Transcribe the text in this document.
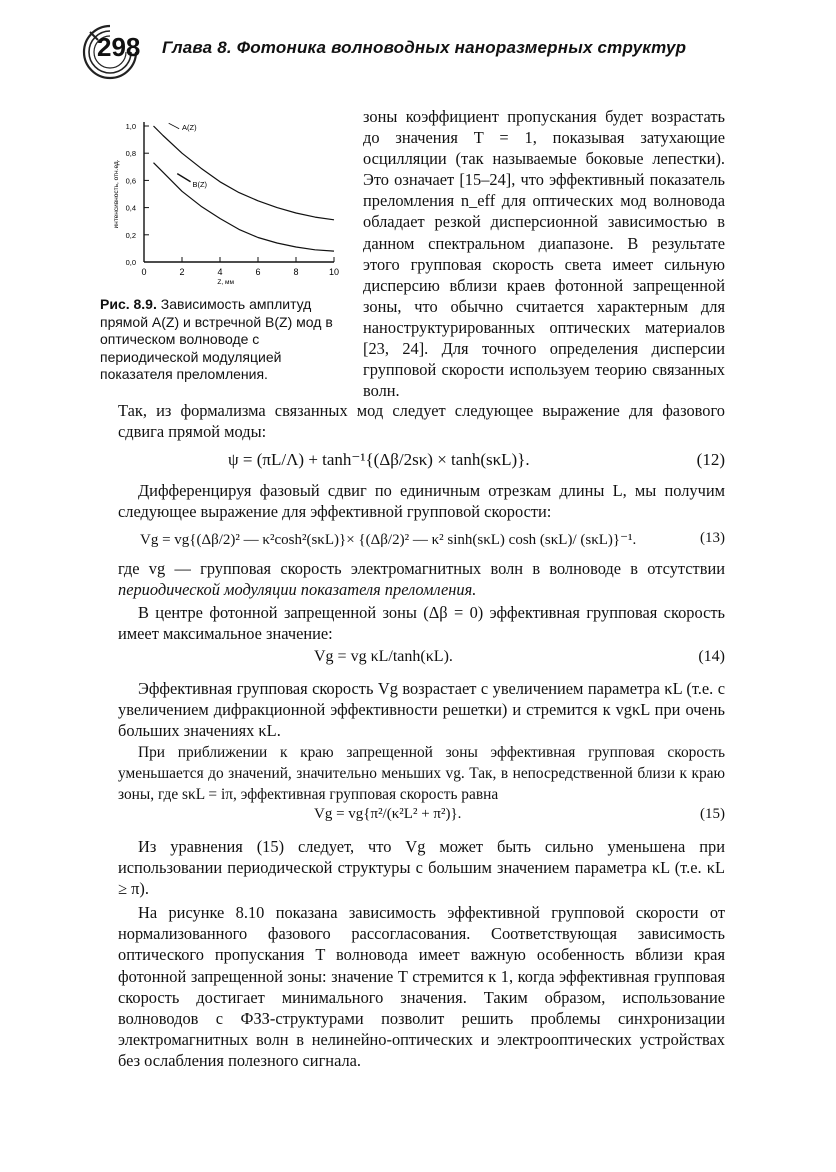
298 Глава 8. Фотоника волноводных наноразмерных структур
1,0
0,8
0,6
0,4
0,2
0,0
0	2	4	6	8	10
Z, мм
интенсивность, отн.ед.
A(Z)
B(Z)
Рис. 8.9. Зависимость амплитуд прямой A(Z) и встречной B(Z) мод в оптическом волноводе с периодической модуляцией показателя преломления.
зоны коэффициент пропускания будет возрастать до значения T = 1, показывая затухающие осцилляции (так называемые боковые лепестки). Это означает [15–24], что эффективный показатель преломления n_eff для оптических мод волновода обладает резкой дисперсионной зависимостью в данном спектральном диапазоне. В результате этого групповая скорость света имеет сильную дисперсию вблизи краев фотонной запрещенной зоны, что обычно считается характерным для наноструктурированных оптических материалов [23, 24]. Для точного определения дисперсии групповой скорости используем теорию связанных волн.
Так, из формализма связанных мод следует следующее выражение для фазового сдвига прямой моды:
ψ = (πL/Λ) + tanh⁻¹{(Δβ/2sκ) × tanh(sκL)}.	(12)
Дифференцируя фазовый сдвиг по единичным отрезкам длины L, мы получим следующее выражение для эффективной групповой скорости:
Vg = vg{(Δβ/2)² — κ²cosh²(sκL)}× {(Δβ/2)² — κ² sinh(sκL) cosh (sκL)/ (sκL)}⁻¹.	(13)
где vg — групповая скорость электромагнитных волн в волноводе в отсутствии периодической модуляции показателя преломления.
В центре фотонной запрещенной зоны (Δβ = 0) эффективная групповая скорость имеет максимальное значение:
Vg = vg κL/tanh(κL).	(14)
Эффективная групповая скорость Vg возрастает с увеличением параметра κL (т.е. с увеличением дифракционной эффективности решетки) и стремится к vgκL при очень больших значениях κL.
При приближении к краю запрещенной зоны эффективная групповая скорость уменьшается до значений, значительно меньших vg. Так, в непосредственной близи к краю зоны, где sκL = iπ, эффективная групповая скорость равна
Vg = vg{π²/(κ²L² + π²)}.	(15)
Из уравнения (15) следует, что Vg может быть сильно уменьшена при использовании периодической структуры с большим значением параметра κL (т.е. κL ≥ π).
На рисунке 8.10 показана зависимость эффективной групповой скорости от нормализованного фазового рассогласования. Соответствующая зависимость оптического пропускания T волновода имеет важную особенность вблизи края фотонной запрещенной зоны: значение T стремится к 1, когда эффективная групповая скорость достигает минимального значения. Таким образом, использование волноводов с ФЗЗ-структурами позволит решить проблемы синхронизации электромагнитных волн в нелинейно-оптических и электрооптических устройствах без ослабления полезного сигнала.
